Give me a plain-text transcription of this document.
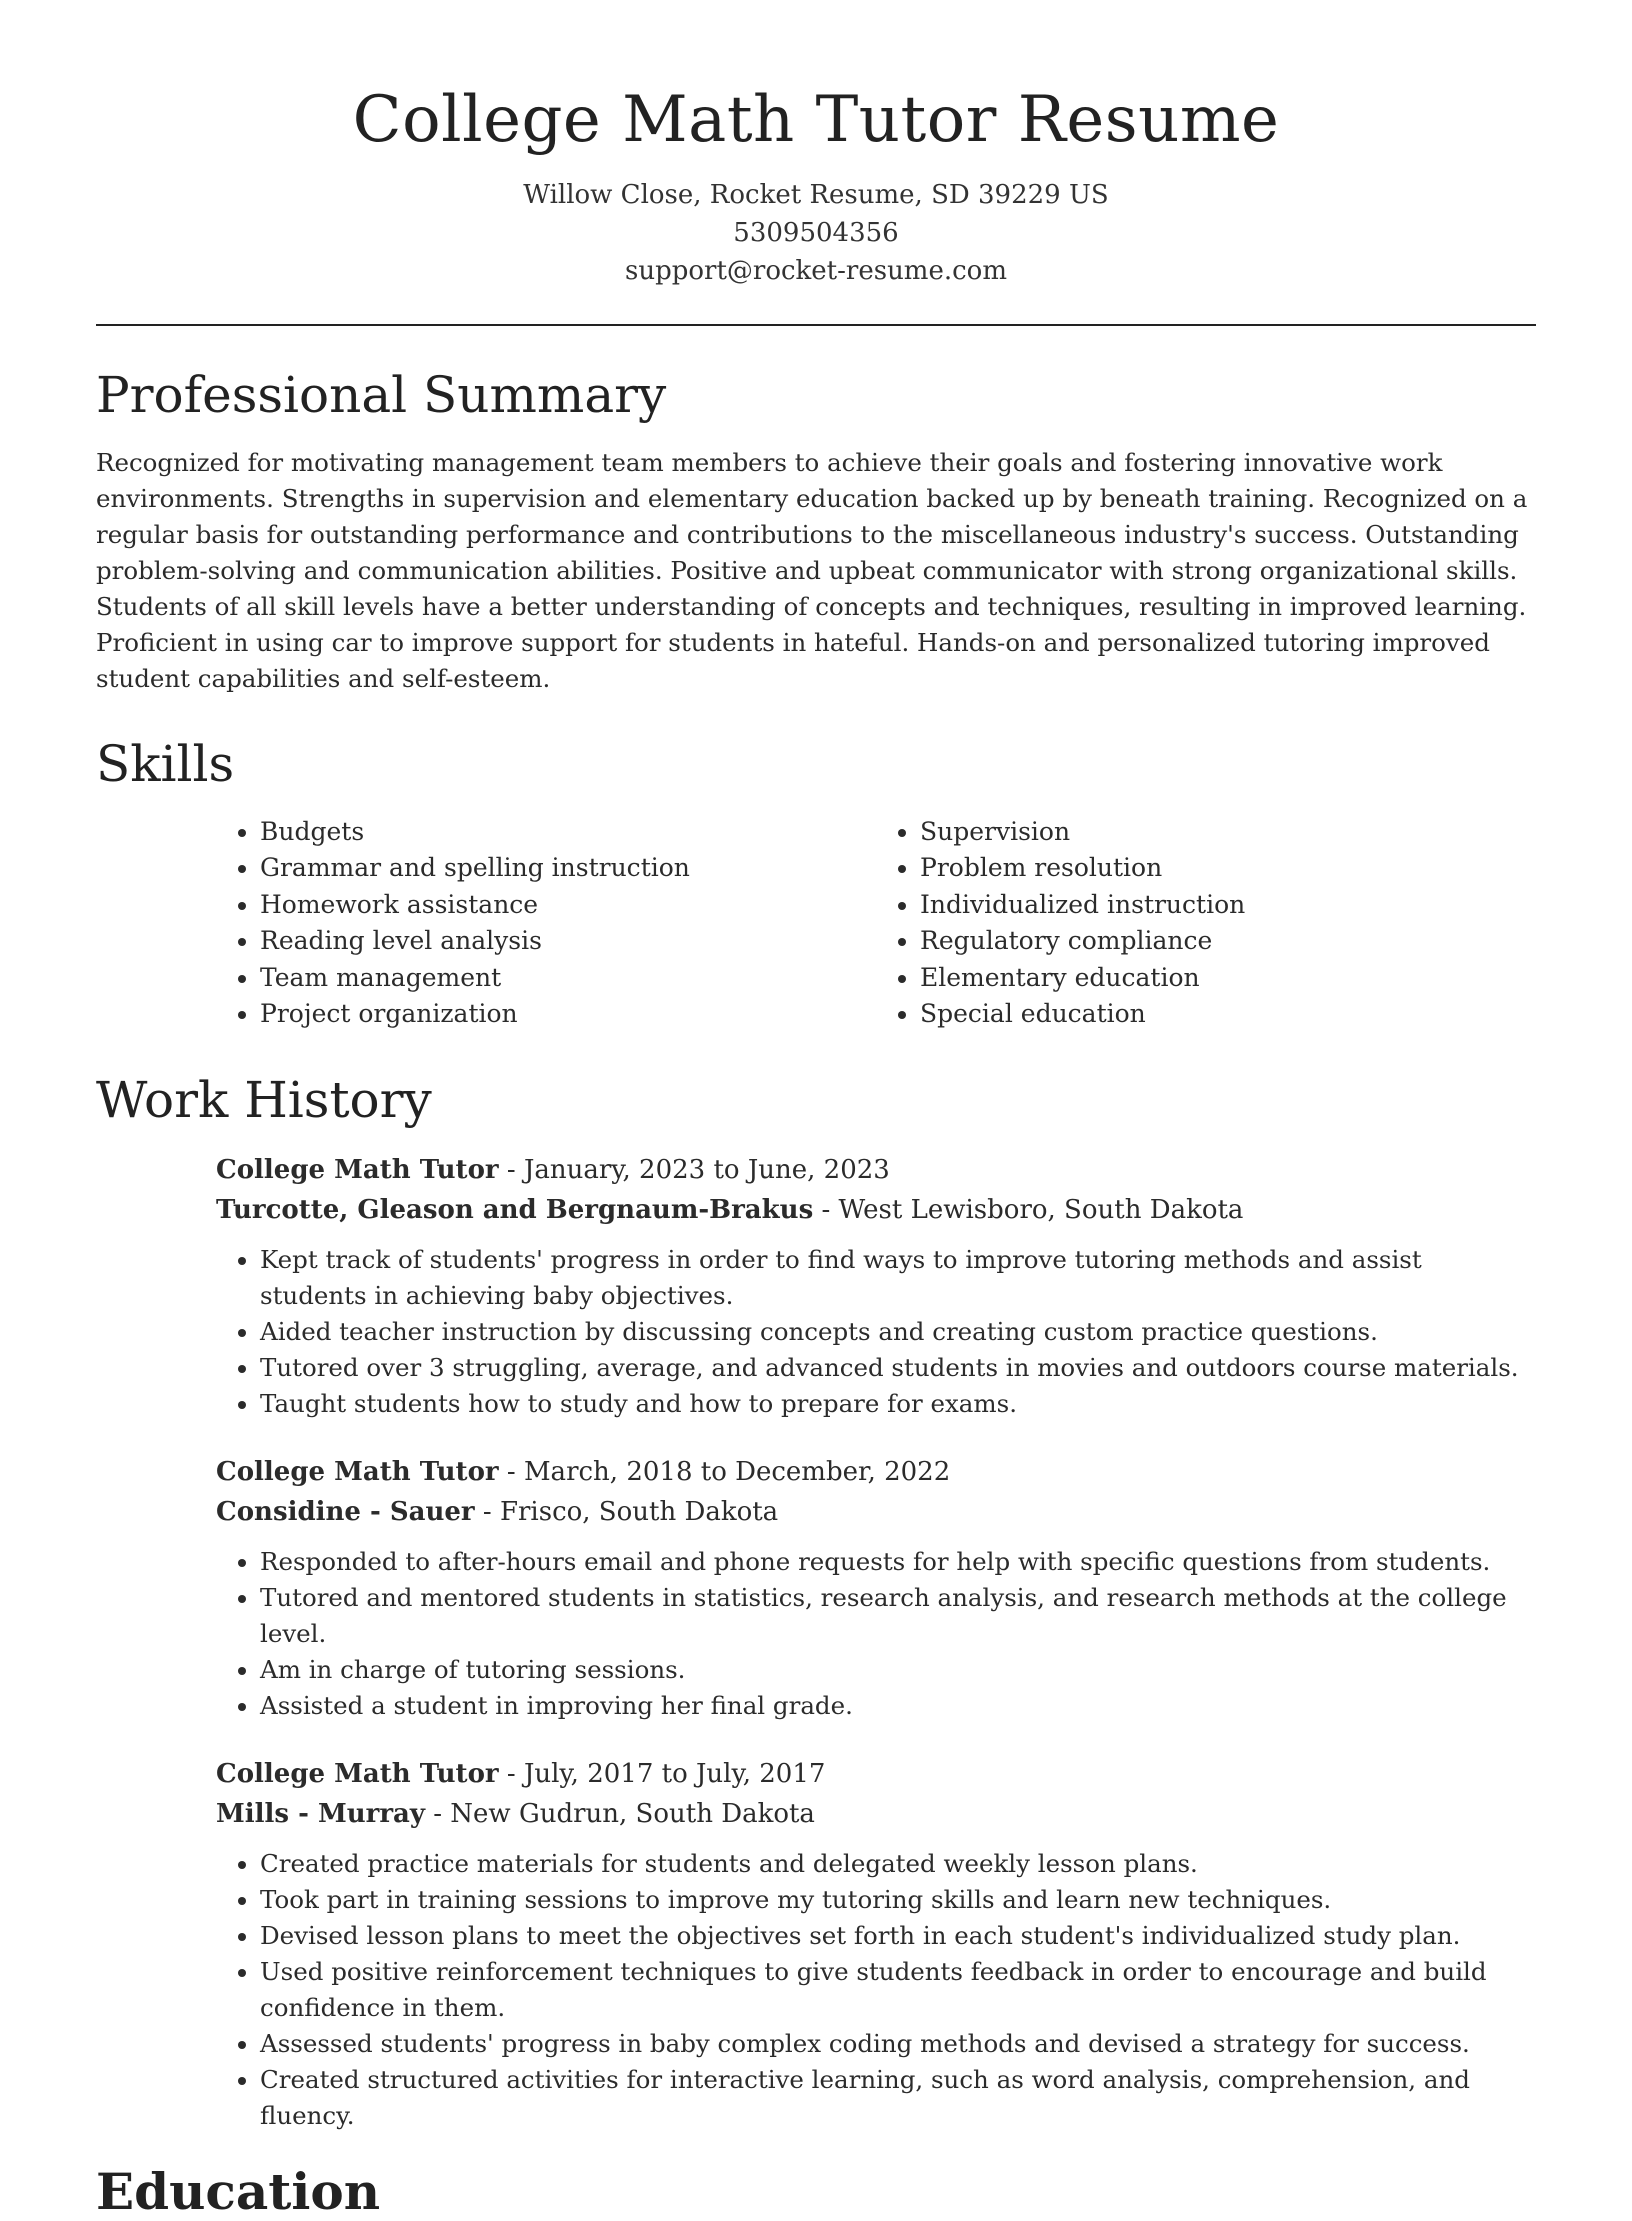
College Math Tutor Resume
Willow Close, Rocket Resume, SD 39229 US
5309504356
support@rocket-resume.com
Professional Summary

Recognized for motivating management team members to achieve their goals and fostering innovative work environments. Strengths in supervision and elementary education backed up by beneath training. Recognized on a regular basis for outstanding performance and contributions to the miscellaneous industry's success. Outstanding problem-solving and communication abilities. Positive and upbeat communicator with strong organizational skills. Students of all skill levels have a better understanding of concepts and techniques, resulting in improved learning. Proficient in using car to improve support for students in hateful. Hands-on and personalized tutoring improved student capabilities and self-esteem.

Skills
• Budgets
• Grammar and spelling instruction
• Homework assistance
• Reading level analysis
• Team management
• Project organization
• Supervision
• Problem resolution
• Individualized instruction
• Regulatory compliance
• Elementary education
• Special education
Work History
College Math Tutor - January, 2023 to June, 2023
Turcotte, Gleason and Bergnaum-Brakus - West Lewisboro, South Dakota
• Kept track of students' progress in order to find ways to improve tutoring methods and assist students in achieving baby objectives.
• Aided teacher instruction by discussing concepts and creating custom practice questions.
• Tutored over 3 struggling, average, and advanced students in movies and outdoors course materials.
• Taught students how to study and how to prepare for exams.
College Math Tutor - March, 2018 to December, 2022
Considine - Sauer - Frisco, South Dakota
• Responded to after-hours email and phone requests for help with specific questions from students.
• Tutored and mentored students in statistics, research analysis, and research methods at the college level.
• Am in charge of tutoring sessions.
• Assisted a student in improving her final grade.
College Math Tutor - July, 2017 to July, 2017
Mills - Murray - New Gudrun, South Dakota
• Created practice materials for students and delegated weekly lesson plans.
• Took part in training sessions to improve my tutoring skills and learn new techniques.
• Devised lesson plans to meet the objectives set forth in each student's individualized study plan.
• Used positive reinforcement techniques to give students feedback in order to encourage and build confidence in them.
• Assessed students' progress in baby complex coding methods and devised a strategy for success.
• Created structured activities for interactive learning, such as word analysis, comprehension, and fluency.
Education
